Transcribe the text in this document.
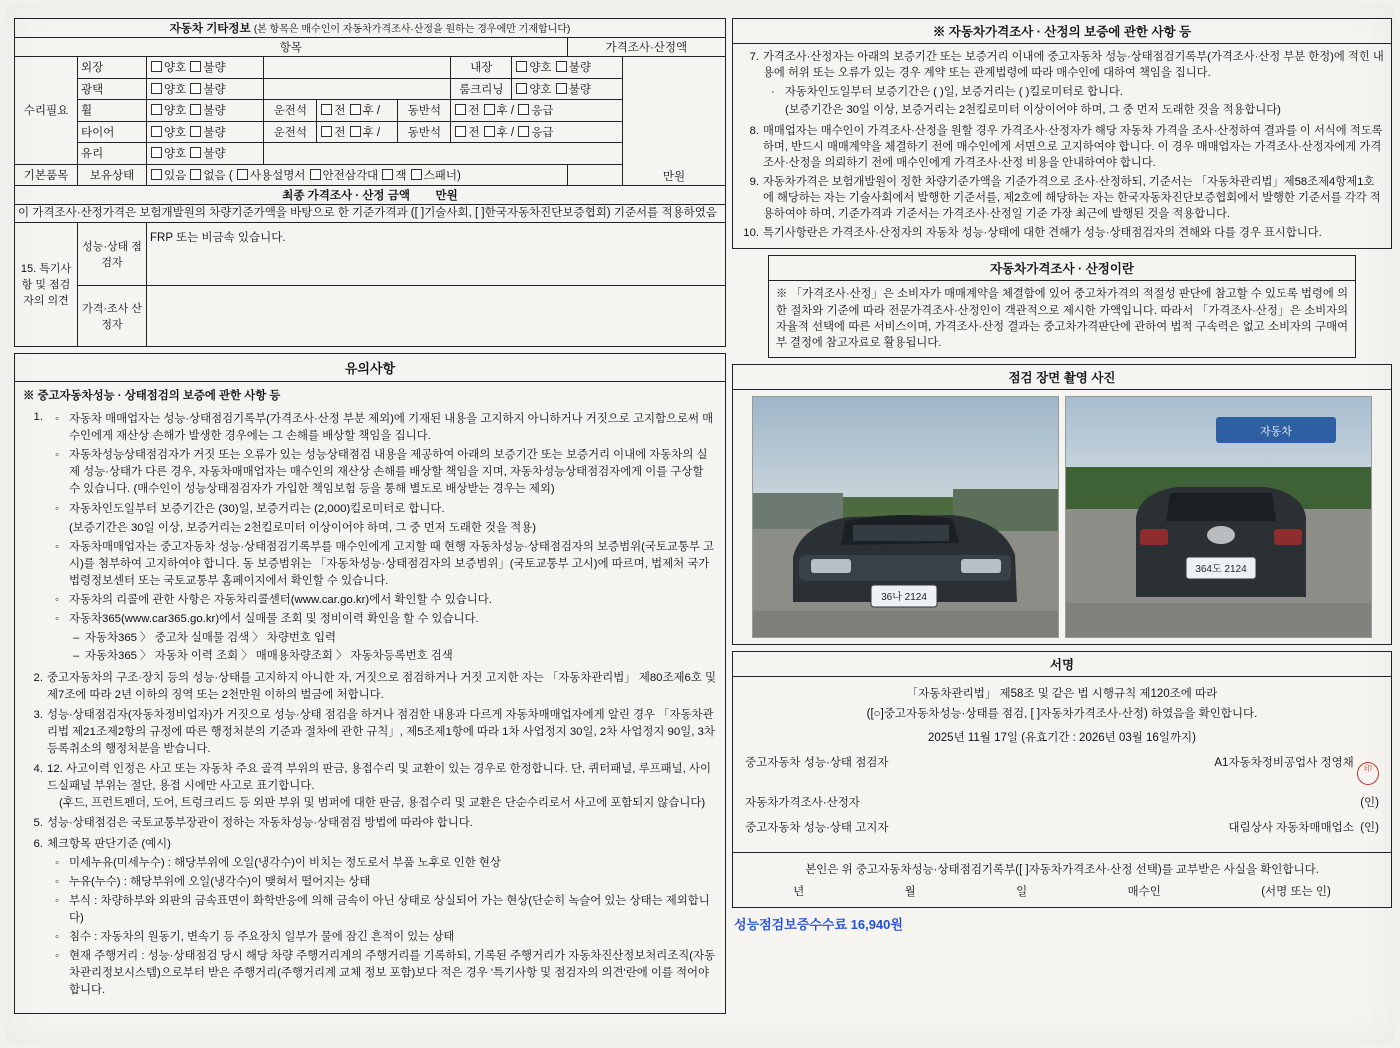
자동차 기타정보 (본 항목은 매수인이 자동차가격조사·산정을 원하는 경우에만 기재합니다)									
항목								가격조사·산정액	
수리필요	외장	양호 불량				내장	양호 불량		만원

	광택	양호 불량				룸크리닝	양호 불량		
	휠	양호 불량	운전석	전 후 /	동반석	전 후 / 응급			
	타이어	양호 불량	운전석	전 후 /	동반석	전 후 / 응급			
	유리	양호 불량							
기본품목	보유상태	있음 없음 ( 사용설명서 안전삼각대 잭 스패너)							
최종 가격조사 · 산정 금액 만원									
이 가격조사·산정가격은 보험개발원의 차량기준가액을 바탕으로 한 기준가격과 ([ ]기술사회, [ ]한국자동차진단보증협회) 기준서를 적용하였음									
15. 특기사항 및 점검자의 의견	성능·상태 점검자	FRP 또는 비금속 있습니다.							
	가격·조사 산정자								
유의사항
※ 중고자동차성능 · 상태점검의 보증에 관한 사항 등
1.	◦ 자동차 매매업자는 성능·상태점검기록부(가격조사·산정 부분 제외)에 기재된 내용을 고지하지 아니하거나 거짓으로 고지함으로써 매수인에게 재산상 손해가 발생한 경우에는 그 손해를 배상할 책임을 집니다.
◦ 자동차성능상태점검자가 거짓 또는 오류가 있는 성능상태점검 내용을 제공하여 아래의 보증기간 또는 보증거리 이내에 자동차의 실제 성능·상태가 다른 경우, 자동차매매업자는 매수인의 재산상 손해를 배상할 책임을 지며, 자동차성능상태점검자에게 이를 구상할 수 있습니다. (매수인이 성능상태점검자가 가입한 책임보험 등을 통해 별도로 배상받는 경우는 제외)
◦ 자동차인도일부터 보증기간은 (30)일, 보증거리는 (2,000)킬로미터로 합니다.

(보증기간은 30일 이상, 보증거리는 2천킬로미터 이상이어야 하며, 그 중 먼저 도래한 것을 적용)
◦ 자동차매매업자는 중고자동차 성능·상태점검기록부를 매수인에게 고지할 때 현행 자동차성능·상태점검자의 보증범위(국토교통부 고시)를 첨부하여 고지하여야 합니다. 동 보증범위는 「자동차성능·상태점검자의 보증범위」(국토교통부 고시)에 따르며, 법제처 국가법령정보센터 또는 국토교통부 홈페이지에서 확인할 수 있습니다.
◦ 자동차의 리콜에 관한 사항은 자동차리콜센터(www.car.go.kr)에서 확인할 수 있습니다.
◦ 자동차365(www.car365.go.kr)에서 실매물 조회 및 정비이력 확인을 할 수 있습니다.
– 자동차365 〉 중고차 실매물 검색 〉 차량번호 입력
– 자동차365 〉 자동차 이력 조회 〉 매매용차량조회 〉 자동차등록번호 검색
2. 중고자동차의 구조·장치 등의 성능·상태를 고지하지 아니한 자, 거짓으로 점검하거나 거짓 고지한 자는 「자동차관리법」 제80조제6호 및 제7조에 따라 2년 이하의 징역 또는 2천만원 이하의 벌금에 처합니다.
3. 성능·상태점검자(자동차정비업자)가 거짓으로 성능·상태 점검을 하거나 점검한 내용과 다르게 자동차매매업자에게 알린 경우 「자동차관리법 제21조제2항의 규정에 따른 행정처분의 기준과 절차에 관한 규칙」, 제5조제1항에 따라 1차 사업정지 30일, 2차 사업정지 90일, 3차 등록취소의 행정처분을 받습니다.
4. 12. 사고이력 인정은 사고 또는 자동차 주요 골격 부위의 판금, 용접수리 및 교환이 있는 경우로 한정합니다. 단, 퀴터패널, 루프패널, 사이드실패널 부위는 절단, 용접 시에만 사고로 표기합니다.
(후드, 프런트펜더, 도어, 트렁크리드 등 외판 부위 및 범퍼에 대한 판금, 용접수리 및 교환은 단순수리로서 사고에 포함되지 않습니다)
5. 성능·상태점검은 국토교통부장관이 정하는 자동차성능·상태점검 방법에 따라야 합니다.
6. 체크항목 판단기준 (예시)
◦ 미세누유(미세누수) : 해당부위에 오일(냉각수)이 비치는 정도로서 부품 노후로 인한 현상
◦ 누유(누수) : 해당부위에 오일(냉각수)이 맺혀서 떨어지는 상태
◦ 부식 : 차량하부와 외판의 금속표면이 화학반응에 의해 금속이 아닌 상태로 상실되어 가는 현상(단순히 녹슬어 있는 상태는 제외합니다)
◦ 침수 : 자동차의 원동기, 변속기 등 주요장치 일부가 물에 잠긴 흔적이 있는 상태
◦ 현재 주행거리 : 성능·상태점검 당시 해당 차량 주행거리계의 주행거리를 기록하되, 기록된 주행거리가 자동차진산정보처리조직(자동차관리정보시스템)으로부터 받은 주행거리(주행거리계 교체 정보 포함)보다 적은 경우 '특기사항 및 점검자의 의견'란에 이를 적어야 합니다.
※ 자동차가격조사 · 산정의 보증에 관한 사항 등
7. 가격조사·산정자는 아래의 보증기간 또는 보증거리 이내에 중고자동차 성능·상태점검기록부(가격조사·산정 부분 한정)에 적힌 내용에 허위 또는 오류가 있는 경우 계약 또는 관계법령에 따라 매수인에 대하여 책임을 집니다.
· 자동차인도일부터 보증기간은 ( )일, 보증거리는 ( )킬로미터로 합니다.

(보증기간은 30일 이상, 보증거리는 2천킬로미터 이상이어야 하며, 그 중 먼저 도래한 것을 적용합니다)
8. 매매업자는 매수인이 가격조사·산정을 원할 경우 가격조사·산정자가 해당 자동차 가격을 조사·산정하여 결과를 이 서식에 적도록 하며, 반드시 매매계약을 체결하기 전에 매수인에게 서면으로 고지하여야 합니다. 이 경우 매매업자는 가격조사·산정자에게 가격조사·산정을 의뢰하기 전에 매수인에게 가격조사·산정 비용을 안내하여야 합니다.
9. 자동차가격은 보험개발원이 정한 차량기준가액을 기준가격으로 조사·산정하되, 기준서는 「자동차관리법」제58조제4항제1호에 해당하는 자는 기술사회에서 발행한 기준서를, 제2호에 해당하는 자는 한국자동차진단보증협회에서 발행한 기준서를 각각 적용하여야 하며, 기준가격과 기준서는 가격조사·산정일 기준 가장 최근에 발행된 것을 적용합니다.
10. 특기사항란은 가격조사·산정자의 자동차 성능·상태에 대한 견해가 성능·상태점검자의 견해와 다를 경우 표시합니다.
자동차가격조사 · 산정이란
※ 「가격조사·산정」은 소비자가 매매계약을 체결함에 있어 중고차가격의 적절성 판단에 참고할 수 있도록 법령에 의한 절차와 기준에 따라 전문가격조사·산정인이 객관적으로 제시한 가액입니다. 따라서 「가격조사·산정」은 소비자의 자율적 선택에 따른 서비스이며, 가격조사·산정 결과는 중고차가격판단에 관하여 법적 구속력은 없고 소비자의 구매여부 결정에 참고자료로 활용됩니다.
점검 장면 촬영 사진
36나 2124
자동차
364도 2124
서명
「자동차관리법」 제58조 및 같은 법 시행규칙 제120조에 따라
([○]중고자동차성능·상태를 점검, [ ]자동차가격조사·산정) 하였음을 확인합니다.
2025년 11월 17일 (유효기간 : 2026년 03월 16일까지)
중고자동차 성능·상태 점검자	A1자동차정비공업사 정영채 印
자동차가격조사·산정자	(인)
중고자동차 성능·상태 고지자	대림상사 자동차매매업소 (인)
본인은 위 중고자동차성능·상태점검기록부([ ]자동차가격조사·산정 선택)를 교부받은 사실을 확인합니다.
년	월	일	매수인	(서명 또는 인)
성능점검보증수수료 16,940원
